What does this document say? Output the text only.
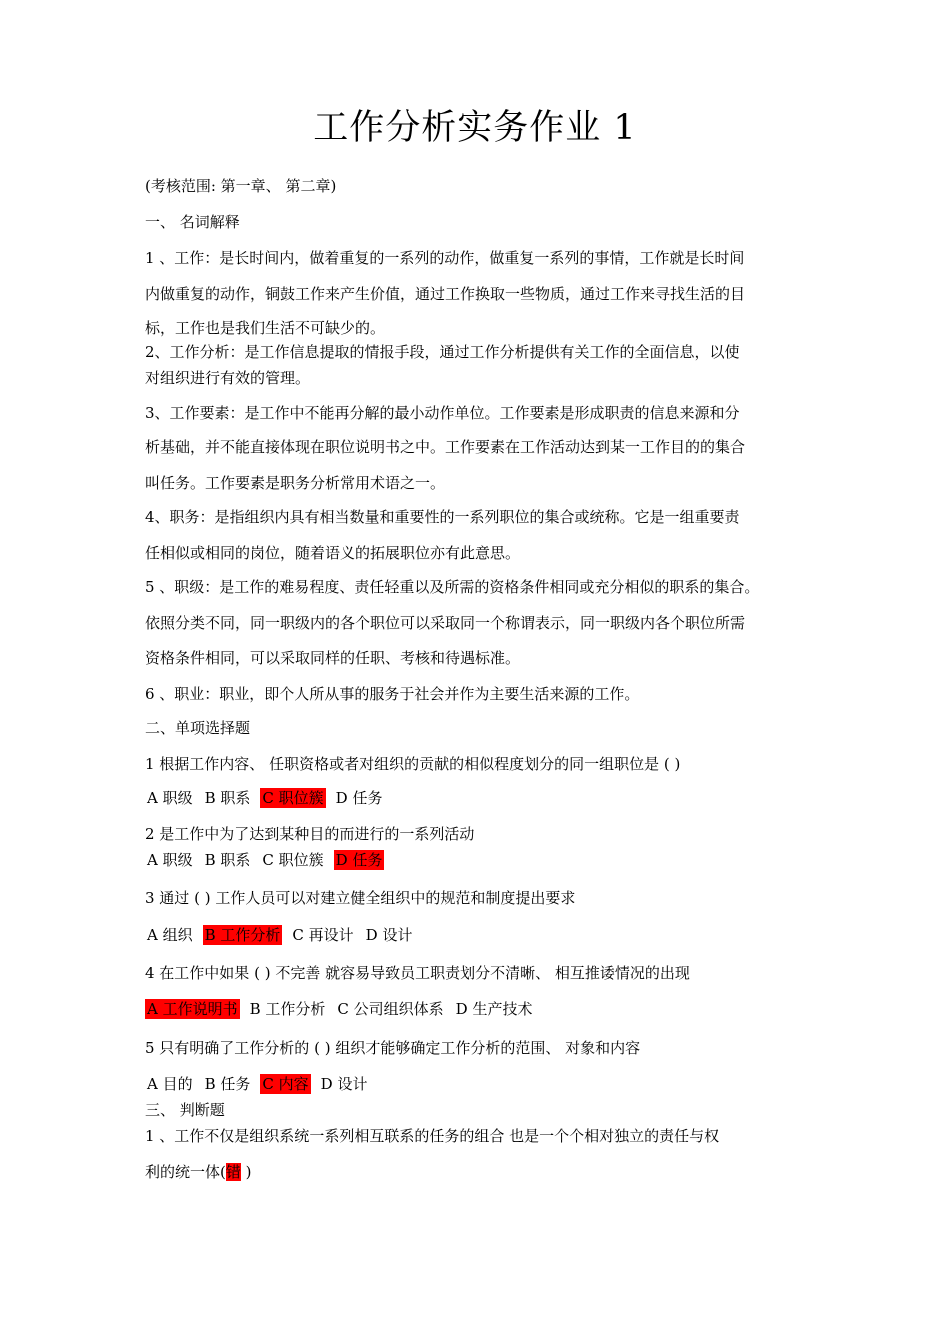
工作分析实务作业 1
(考核范围: 第一章、 第二章)
一、 名词解释
1 、工作：是长时间内，做着重复的一系列的动作，做重复一系列的事情，工作就是长时间
内做重复的动作，铜鼓工作来产生价值，通过工作换取一些物质，通过工作来寻找生活的目
标，工作也是我们生活不可缺少的。
2、工作分析：是工作信息提取的情报手段，通过工作分析提供有关工作的全面信息，以使
对组织进行有效的管理。
3、工作要素：是工作中不能再分解的最小动作单位。工作要素是形成职责的信息来源和分
析基础，并不能直接体现在职位说明书之中。工作要素在工作活动达到某一工作目的的集合
叫任务。工作要素是职务分析常用术语之一。
4、职务：是指组织内具有相当数量和重要性的一系列职位的集合或统称。它是一组重要责
任相似或相同的岗位，随着语义的拓展职位亦有此意思。
5 、职级：是工作的难易程度、责任轻重以及所需的资格条件相同或充分相似的职系的集合。
依照分类不同，同一职级内的各个职位可以采取同一个称谓表示，同一职级内各个职位所需
资格条件相同，可以采取同样的任职、考核和待遇标准。
6 、职业：职业，即个人所从事的服务于社会并作为主要生活来源的工作。
二、单项选择题
1 根据工作内容、 任职资格或者对组织的贡献的相似程度划分的同一组职位是 ( )
A 职级 B 职系 C 职位簇 D 任务
2 是工作中为了达到某种目的而进行的一系列活动
A 职级 B 职系 C 职位簇 D 任务
3 通过 ( ) 工作人员可以对建立健全组织中的规范和制度提出要求
A 组织 B 工作分析 C 再设计 D 设计
4 在工作中如果 ( ) 不完善 就容易导致员工职责划分不清晰、 相互推诿情况的出现
A 工作说明书 B 工作分析 C 公司组织体系 D 生产技术
5 只有明确了工作分析的 ( ) 组织才能够确定工作分析的范围、 对象和内容
A 目的 B 任务 C 内容 D 设计
三、 判断题
1 、工作不仅是组织系统一系列相互联系的任务的组合 也是一个个相对独立的责任与权
利的统一体(错 )
